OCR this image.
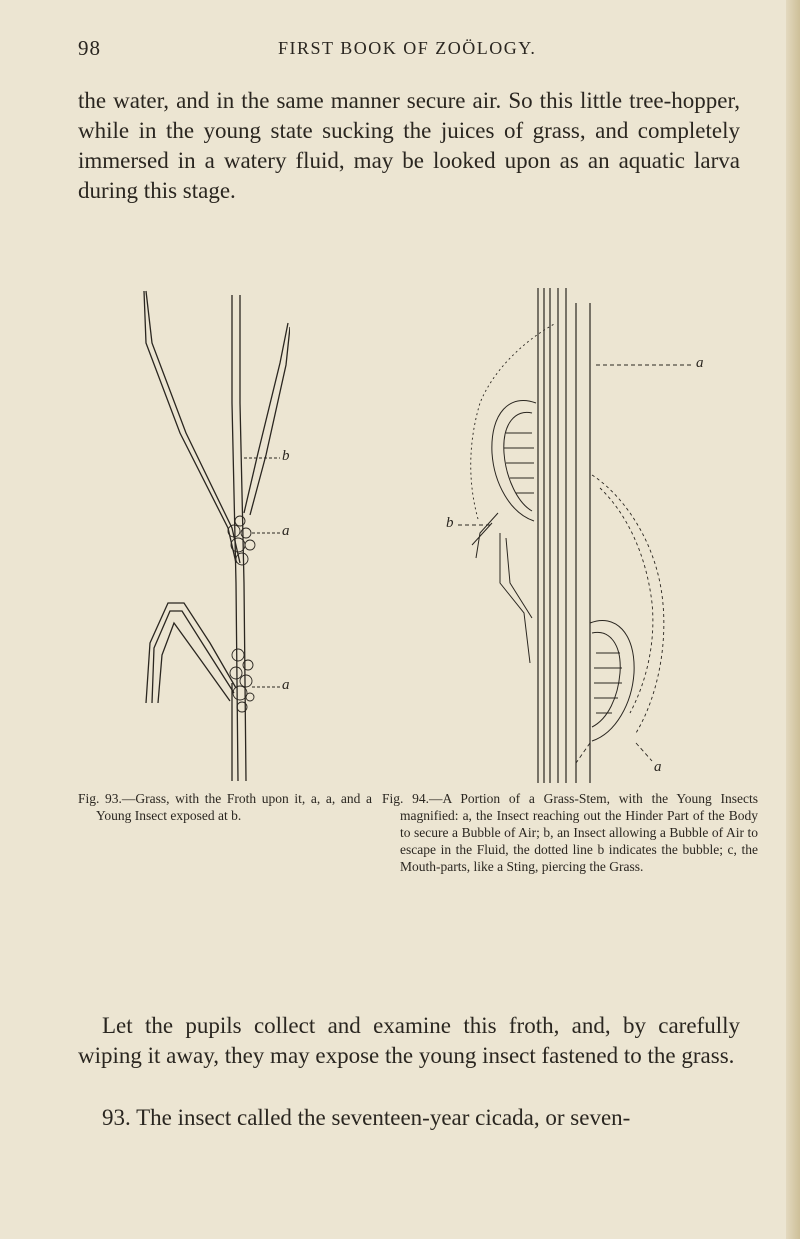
98	FIRST BOOK OF ZOÖLOGY.

the water, and in the same manner secure air. So this little tree-hopper, while in the young state sucking the juices of grass, and completely immersed in a watery fluid, may be looked upon as an aquatic larva during this stage.

b
a
a
a
b
a

Fig. 93.—Grass, with the Froth upon it, a, a, and a Young Insect exposed at b.

Fig. 94.—A Portion of a Grass-Stem, with the Young Insects magnified: a, the Insect reaching out the Hinder Part of the Body to secure a Bubble of Air; b, an Insect allowing a Bubble of Air to escape in the Fluid, the dotted line b indicates the bubble; c, the Mouth-parts, like a Sting, piercing the Grass.

Let the pupils collect and examine this froth, and, by carefully wiping it away, they may expose the young insect fastened to the grass.

93. The insect called the seventeen-year cicada, or seven-
